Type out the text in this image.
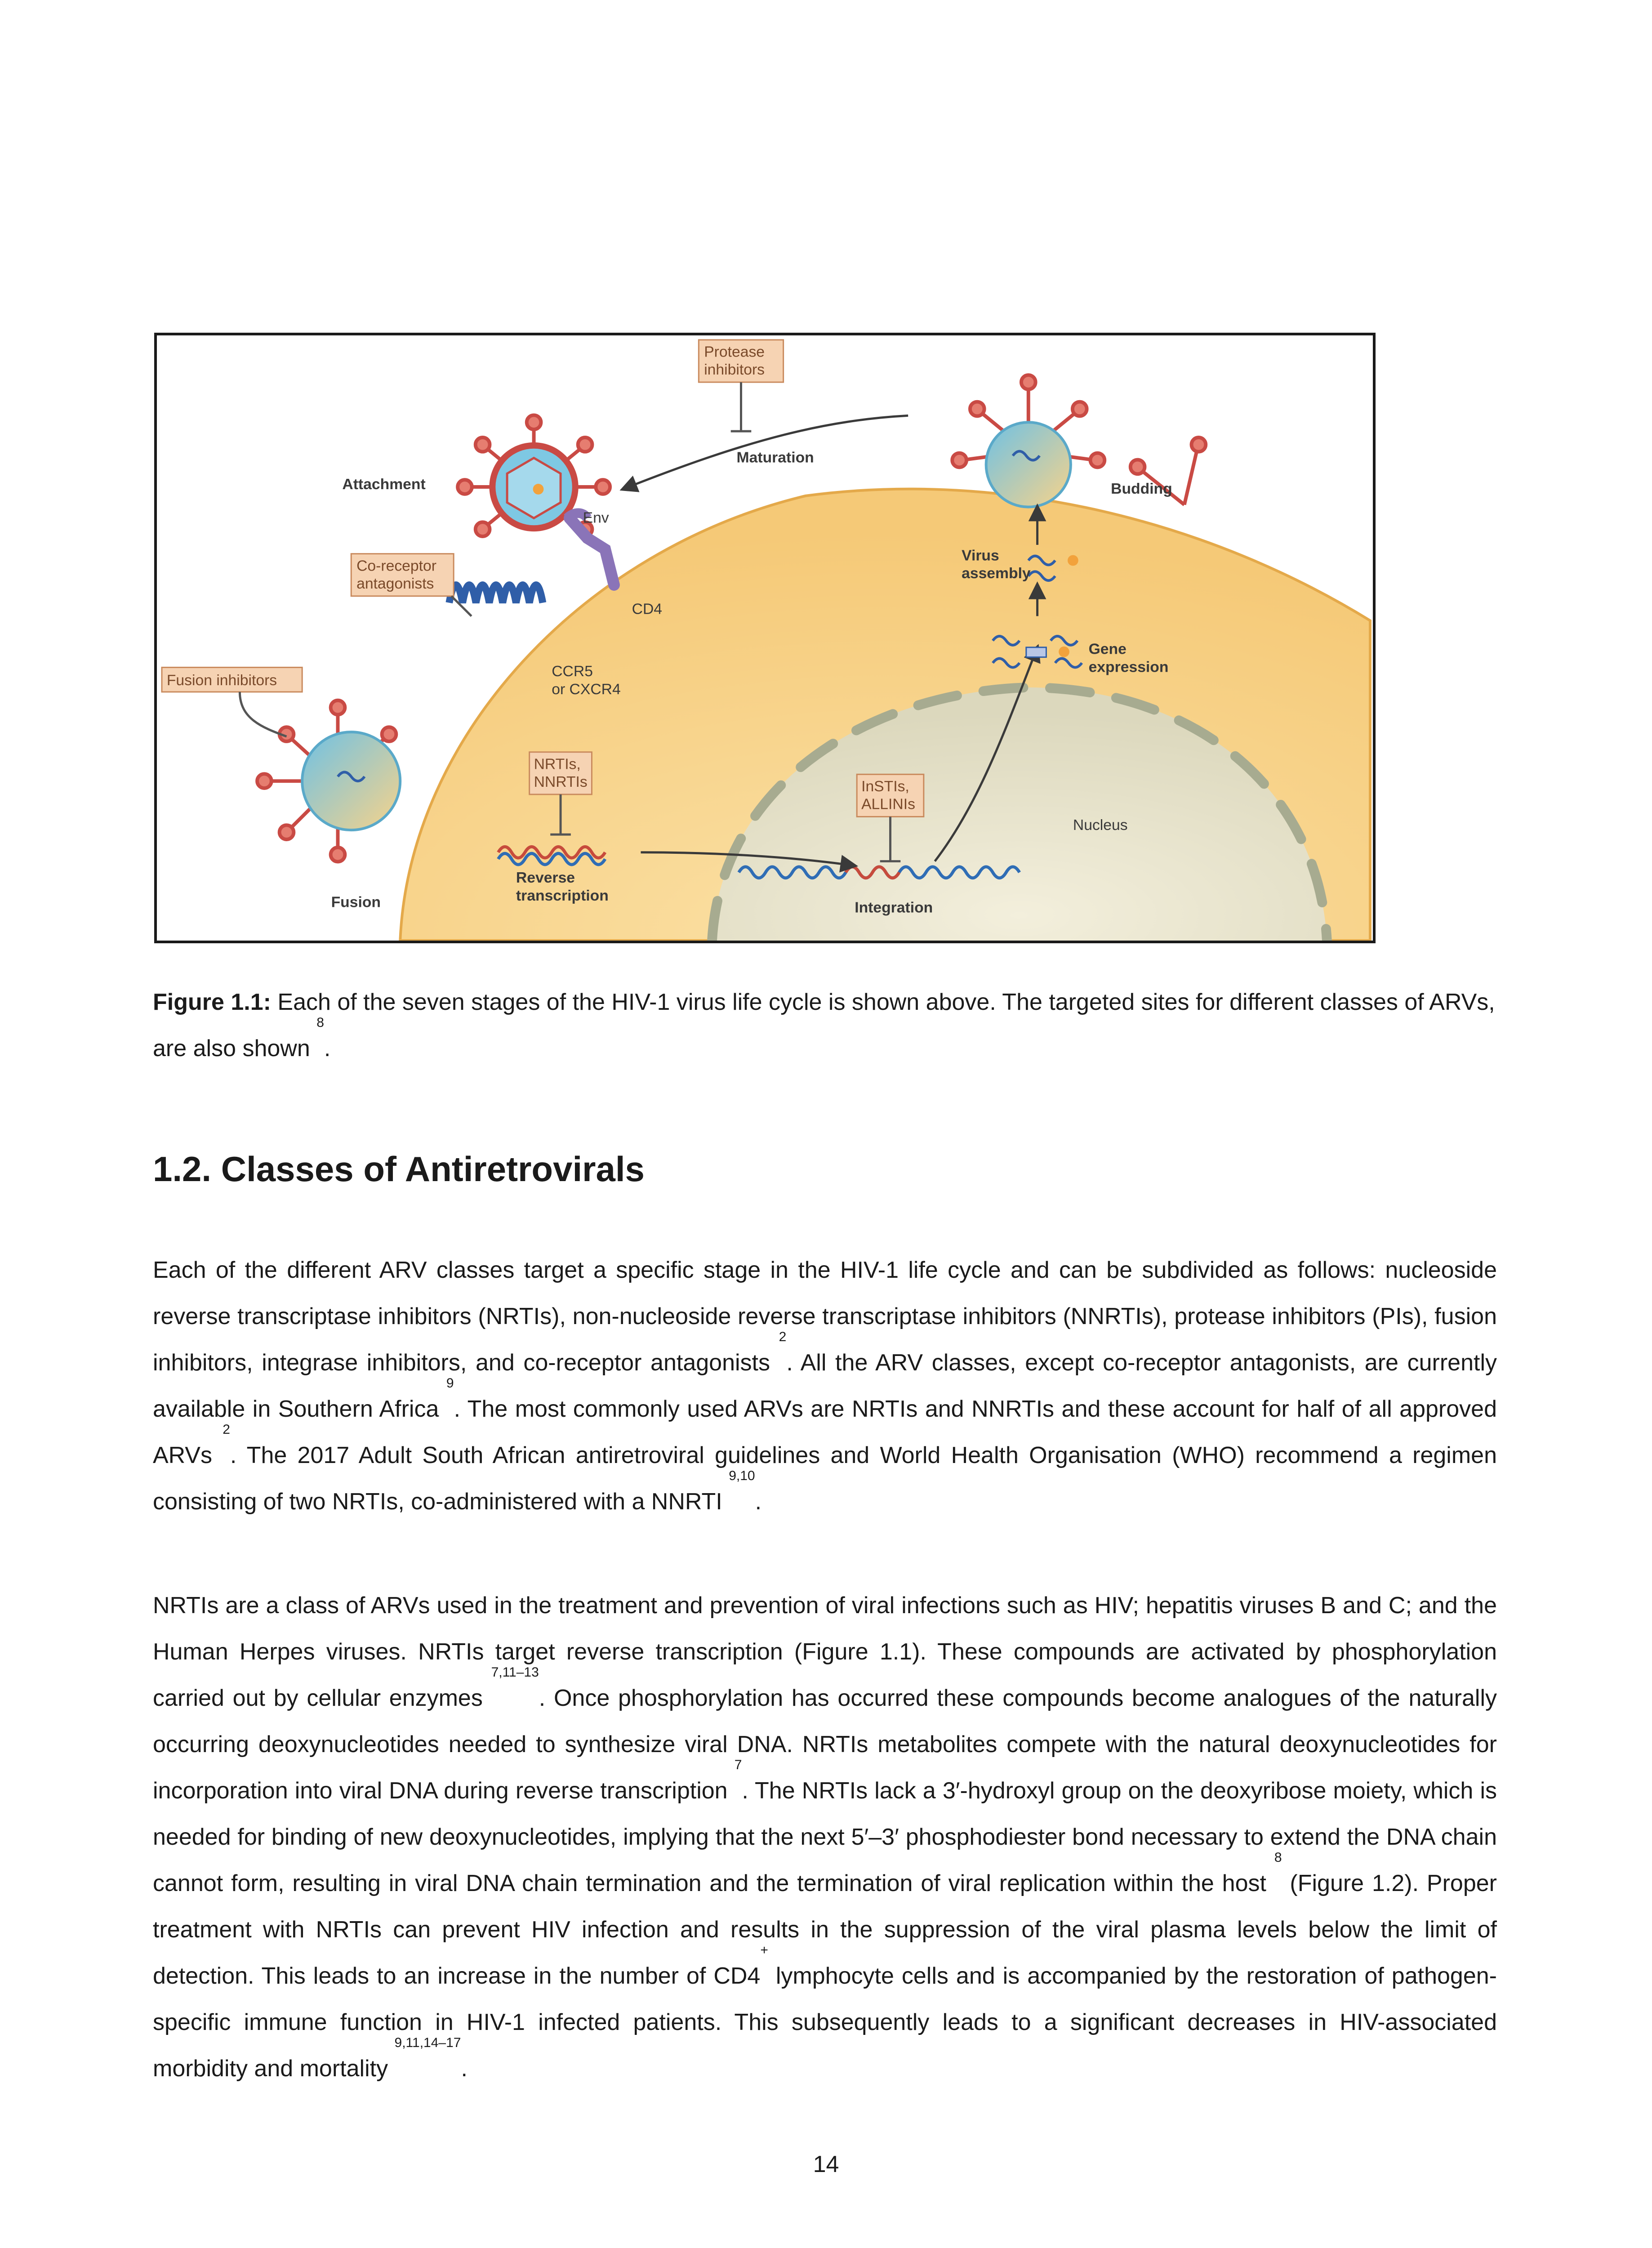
Protease
inhibitors
Co-receptor
antagonists
Fusion inhibitors
NRTIs,
NNRTIs	InSTIs,
ALLINIs
Maturation
Attachment
Env
Budding
CD4
Virus
assembly
Gene
expression
CCR5
or CXCR4
Nucleus
Reverse
transcription
Fusion	Integration
Figure 1.1: Each of the seven stages of the HIV-1 virus life cycle is shown above. The targeted sites for different classes of ARVs, are also shown $^8$.
1.2. Classes of Antiretrovirals

Each of the different ARV classes target a specific stage in the HIV-1 life cycle and can be subdivided as follows: nucleoside reverse transcriptase inhibitors (NRTIs), non-nucleoside reverse transcriptase inhibitors (NNRTIs), protease inhibitors (PIs), fusion inhibitors, integrase inhibitors, and co-receptor antagonists $^2$. All the ARV classes, except co-receptor antagonists, are currently available in Southern Africa $^9$. The most commonly used ARVs are NRTIs and NNRTIs and these account for half of all approved ARVs $^2$. The 2017 Adult South African antiretroviral guidelines and World Health Organisation (WHO) recommend a regimen consisting of two NRTIs, co-administered with a NNRTI $^{9,10}$.

NRTIs are a class of ARVs used in the treatment and prevention of viral infections such as HIV; hepatitis viruses B and C; and the Human Herpes viruses. NRTIs target reverse transcription (Figure 1.1). These compounds are activated by phosphorylation carried out by cellular enzymes $^{7,11-13}$. Once phosphorylation has occurred these compounds become analogues of the naturally occurring deoxynucleotides needed to synthesize viral DNA. NRTIs metabolites compete with the natural deoxynucleotides for incorporation into viral DNA during reverse transcription $^7$. The NRTIs lack a 3′-hydroxyl group on the deoxyribose moiety, which is needed for binding of new deoxynucleotides, implying that the next 5′–3′ phosphodiester bond necessary to extend the DNA chain cannot form, resulting in viral DNA chain termination and the termination of viral replication within the host $^8$ (Figure 1.2). Proper treatment with NRTIs can prevent HIV infection and results in the suppression of the viral plasma levels below the limit of detection. This leads to an increase in the number of CD4+ lymphocyte cells and is accompanied by the restoration of pathogen-specific immune function in HIV-1 infected patients. This subsequently leads to a significant decreases in HIV-associated morbidity and mortality $^{9,11,14-17}$.

14
